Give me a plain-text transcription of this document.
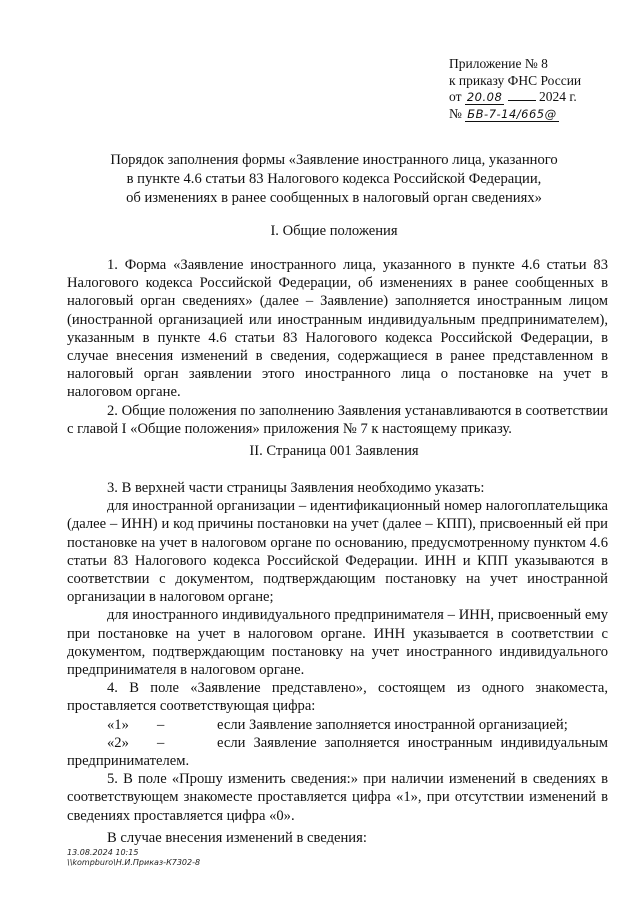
Приложение № 8
к приказу ФНС России
от 20.08	2024 г.
№ БВ-7-14/665@
Порядок заполнения формы «Заявление иностранного лица, указанного
в пункте 4.6 статьи 83 Налогового кодекса Российской Федерации,
об изменениях в ранее сообщенных в налоговый орган сведениях»
I. Общие положения

1. Форма «Заявление иностранного лица, указанного в пункте 4.6 статьи 83 Налогового кодекса Российской Федерации, об изменениях в ранее сообщенных в налоговый орган сведениях» (далее – Заявление) заполняется иностранным лицом (иностранной организацией или иностранным индивидуальным предпринимателем), указанным в пункте 4.6 статьи 83 Налогового кодекса Российской Федерации, в случае внесения изменений в сведения, содержащиеся в ранее представленном в налоговый орган заявлении этого иностранного лица о постановке на учет в налоговом органе.

2. Общие положения по заполнению Заявления устанавливаются в соответствии с главой I «Общие положения» приложения № 7 к настоящему приказу.

II. Страница 001 Заявления

3. В верхней части страницы Заявления необходимо указать:

для иностранной организации – идентификационный номер налогоплательщика (далее – ИНН) и код причины постановки на учет (далее – КПП), присвоенный ей при постановке на учет в налоговом органе по основанию, предусмотренному пунктом 4.6 статьи 83 Налогового кодекса Российской Федерации. ИНН и КПП указываются в соответствии с документом, подтверждающим постановку на учет иностранной организации в налоговом органе;

для иностранного индивидуального предпринимателя – ИНН, присвоенный ему при постановке на учет в налоговом органе. ИНН указывается в соответствии с документом, подтверждающим постановку на учет иностранного индивидуального предпринимателя в налоговом органе.

4. В поле «Заявление представлено», состоящем из одного знакоместа, проставляется соответствующая цифра:

«1»	–	если Заявление заполняется иностранной организацией;
«2» –	если Заявление заполняется иностранным индивидуальным предпринимателем.

5. В поле «Прошу изменить сведения:» при наличии изменений в сведениях в соответствующем знакоместе проставляется цифра «1», при отсутствии изменений в сведениях проставляется цифра «0».

В случае внесения изменений в сведения:

13.08.2024 10:15
\\kompburo\Н.И.Приказ-К7302-8
